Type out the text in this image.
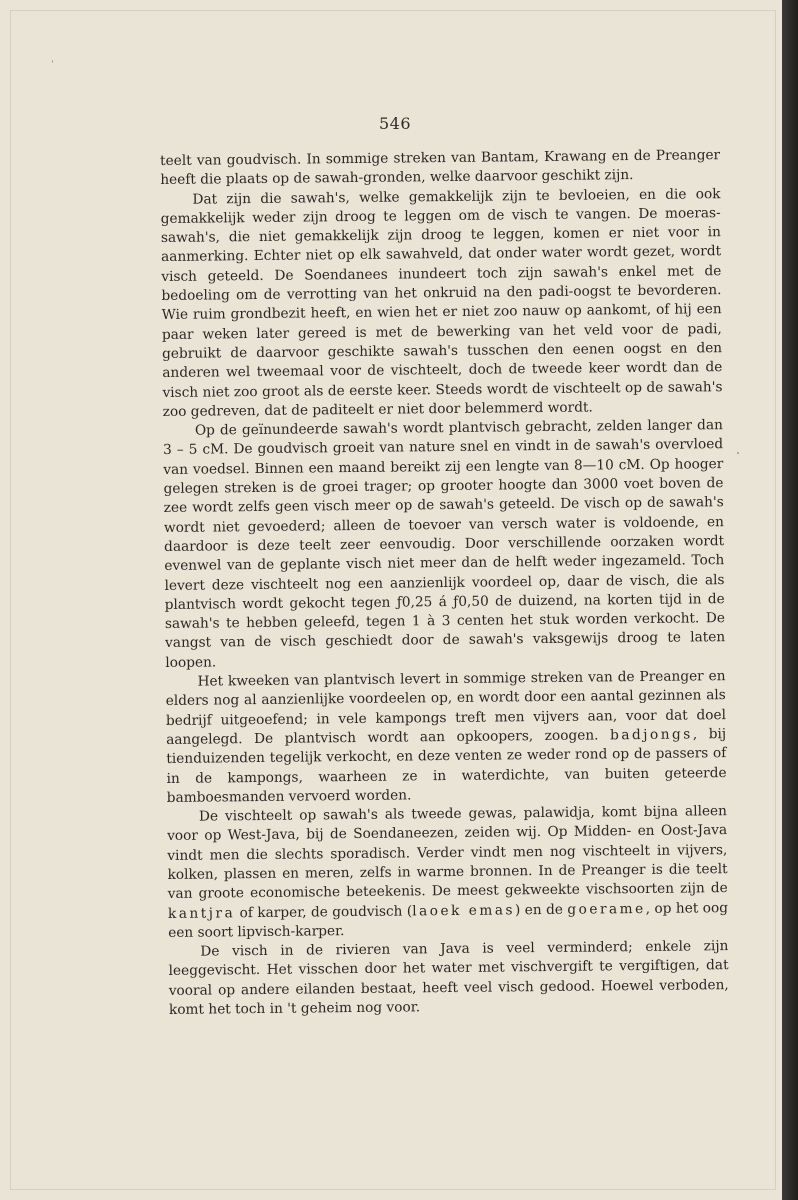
546

teelt van goudvisch. In sommige streken van Bantam, Krawang en de Preanger heeft die plaats op de sawah-gronden, welke daarvoor geschikt zijn.

Dat zijn die sawah's, welke gemakkelijk zijn te bevloeien, en die ook gemakkelijk weder zijn droog te leggen om de visch te vangen. De moeras-sawah's, die niet gemakkelijk zijn droog te leggen, komen er niet voor in aanmerking. Echter niet op elk sawahveld, dat onder water wordt gezet, wordt visch geteeld. De Soendanees inundeert toch zijn sawah's enkel met de bedoeling om de verrotting van het onkruid na den padi-oogst te bevorderen. Wie ruim grondbezit heeft, en wien het er niet zoo nauw op aankomt, of hij een paar weken later gereed is met de bewerking van het veld voor de padi, gebruikt de daarvoor geschikte sawah's tusschen den eenen oogst en den anderen wel tweemaal voor de vischteelt, doch de tweede keer wordt dan de visch niet zoo groot als de eerste keer. Steeds wordt de vischteelt op de sawah's zoo gedreven, dat de paditeelt er niet door belemmerd wordt.

Op de geïnundeerde sawah's wordt plantvisch gebracht, zelden langer dan 3 – 5 cM. De goudvisch groeit van nature snel en vindt in de sawah's overvloed van voedsel. Binnen een maand bereikt zij een lengte van 8—10 cM. Op hooger gelegen streken is de groei trager; op grooter hoogte dan 3000 voet boven de zee wordt zelfs geen visch meer op de sawah's geteeld. De visch op de sawah's wordt niet gevoederd; alleen de toevoer van versch water is voldoende, en daardoor is deze teelt zeer eenvoudig. Door verschillende oorzaken wordt evenwel van de geplante visch niet meer dan de helft weder ingezameld. Toch levert deze vischteelt nog een aanzienlijk voordeel op, daar de visch, die als plantvisch wordt gekocht tegen ƒ0,25 á ƒ0,50 de duizend, na korten tijd in de sawah's te hebben geleefd, tegen 1 à 3 centen het stuk worden verkocht. De vangst van de visch geschiedt door de sawah's vaksgewijs droog te laten loopen.

Het kweeken van plantvisch levert in sommige streken van de Preanger en elders nog al aanzienlijke voordeelen op, en wordt door een aantal gezinnen als bedrijf uitgeoefend; in vele kampongs treft men vijvers aan, voor dat doel aangelegd. De plantvisch wordt aan opkoopers, zoogen. badjongs, bij tienduizenden tegelijk verkocht, en deze venten ze weder rond op de passers of in de kampongs, waarheen ze in waterdichte, van buiten geteerde bamboesmanden vervoerd worden.

De vischteelt op sawah's als tweede gewas, palawidja, komt bijna alleen voor op West-Java, bij de Soendaneezen, zeiden wij. Op Midden- en Oost-Java vindt men die slechts sporadisch. Verder vindt men nog vischteelt in vijvers, kolken, plassen en meren, zelfs in warme bronnen. In de Preanger is die teelt van groote economische beteekenis. De meest gekweekte vischsoorten zijn de kantjra of karper, de goudvisch (laoek emas) en de goerame, op het oog een soort lipvisch-karper.

De visch in de rivieren van Java is veel verminderd; enkele zijn leeggevischt. Het visschen door het water met vischvergift te vergiftigen, dat vooral op andere eilanden bestaat, heeft veel visch gedood. Hoewel verboden, komt het toch in 't geheim nog voor.
